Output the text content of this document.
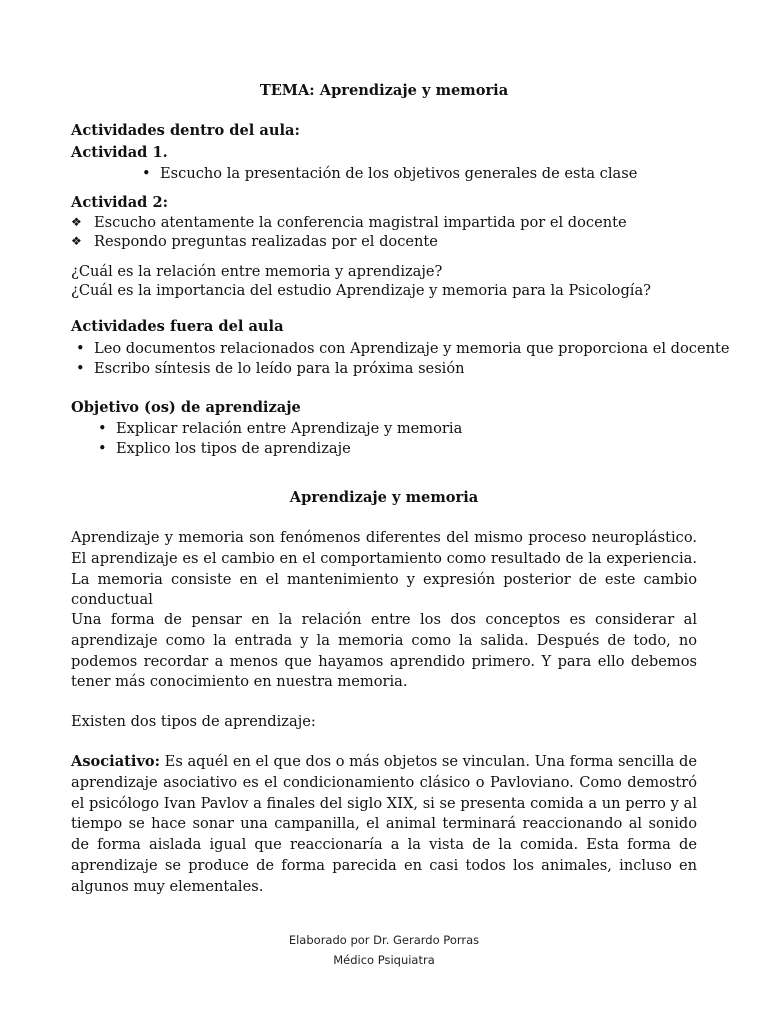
TEMA: Aprendizaje y memoria
Actividades dentro del aula:
Actividad 1.
• Escucho la presentación de los objetivos generales de esta clase
Actividad 2:
❖ Escucho atentamente la conferencia magistral impartida por el docente
❖ Respondo preguntas realizadas por el docente
¿Cuál es la relación entre memoria y aprendizaje?
¿Cuál es la importancia del estudio Aprendizaje y memoria para la Psicología?
Actividades fuera del aula
• Leo documentos relacionados con Aprendizaje y memoria que proporciona el docente
• Escribo síntesis de lo leído para la próxima sesión
Objetivo (os) de aprendizaje
• Explicar relación entre Aprendizaje y memoria
• Explico los tipos de aprendizaje
Aprendizaje y memoria

Aprendizaje y memoria son fenómenos diferentes del mismo proceso neuroplástico. El aprendizaje es el cambio en el comportamiento como resultado de la experiencia. La memoria consiste en el mantenimiento y expresión posterior de este cambio conductual

Una forma de pensar en la relación entre los dos conceptos es considerar al aprendizaje como la entrada y la memoria como la salida. Después de todo, no podemos recordar a menos que hayamos aprendido primero. Y para ello debemos tener más conocimiento en nuestra memoria.

Existen dos tipos de aprendizaje:

Asociativo: Es aquél en el que dos o más objetos se vinculan. Una forma sencilla de aprendizaje asociativo es el condicionamiento clásico o Pavloviano. Como demostró el psicólogo Ivan Pavlov a finales del siglo XIX, si se presenta comida a un perro y al tiempo se hace sonar una campanilla, el animal terminará reaccionando al sonido de forma aislada igual que reaccionaría a la vista de la comida. Esta forma de aprendizaje se produce de forma parecida en casi todos los animales, incluso en algunos muy elementales.

Elaborado por Dr. Gerardo Porras
Médico Psiquiatra
